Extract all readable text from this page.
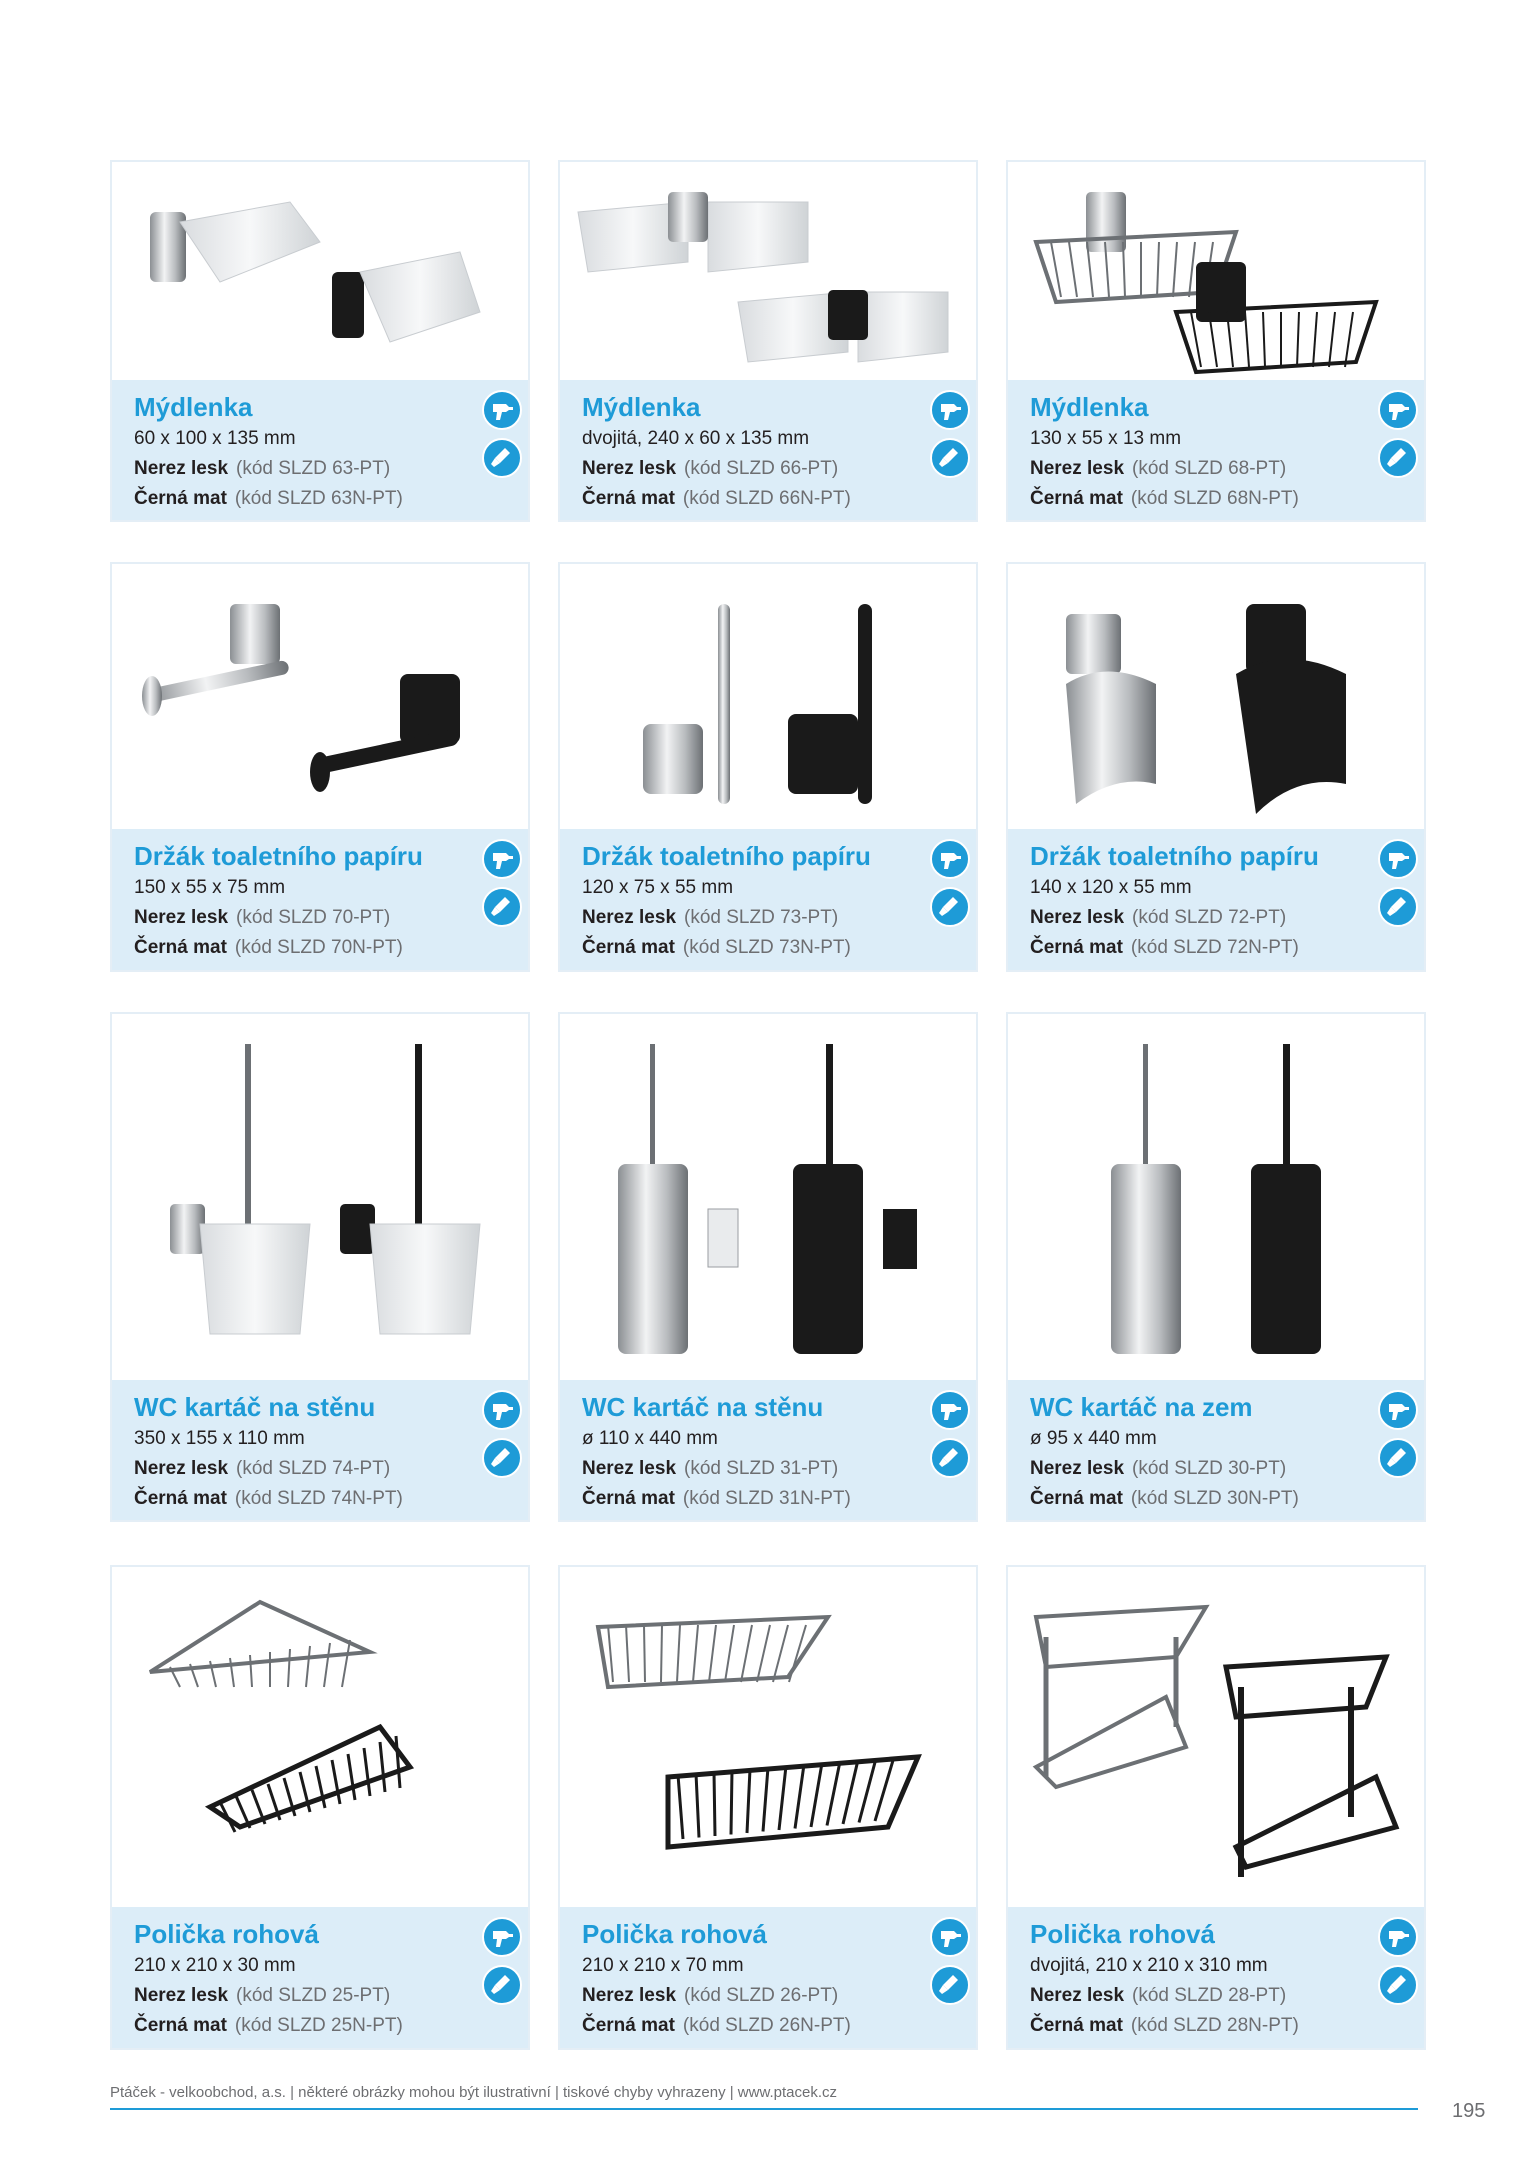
Mýdlenka
60 x 100 x 135 mm
Nerez lesk (kód SLZD 63-PT)
Černá mat (kód SLZD 63N-PT)
Mýdlenka
dvojitá, 240 x 60 x 135 mm
Nerez lesk (kód SLZD 66-PT)
Černá mat (kód SLZD 66N-PT)
Mýdlenka
130 x 55 x 13 mm
Nerez lesk (kód SLZD 68-PT)
Černá mat (kód SLZD 68N-PT)
Držák toaletního papíru
150 x 55 x 75 mm
Nerez lesk (kód SLZD 70-PT)
Černá mat (kód SLZD 70N-PT)
Držák toaletního papíru
120 x 75 x 55 mm
Nerez lesk (kód SLZD 73-PT)
Černá mat (kód SLZD 73N-PT)
Držák toaletního papíru
140 x 120 x 55 mm
Nerez lesk (kód SLZD 72-PT)
Černá mat (kód SLZD 72N-PT)
WC kartáč na stěnu
350 x 155 x 110 mm
Nerez lesk (kód SLZD 74-PT)
Černá mat (kód SLZD 74N-PT)
WC kartáč na stěnu
ø 110 x 440 mm
Nerez lesk (kód SLZD 31-PT)
Černá mat (kód SLZD 31N-PT)
WC kartáč na zem
ø 95 x 440 mm
Nerez lesk (kód SLZD 30-PT)
Černá mat (kód SLZD 30N-PT)
Polička rohová
210 x 210 x 30 mm
Nerez lesk (kód SLZD 25-PT)
Černá mat (kód SLZD 25N-PT)
Polička rohová
210 x 210 x 70 mm
Nerez lesk (kód SLZD 26-PT)
Černá mat (kód SLZD 26N-PT)
Polička rohová
dvojitá, 210 x 210 x 310 mm
Nerez lesk (kód SLZD 28-PT)
Černá mat (kód SLZD 28N-PT)
Ptáček - velkoobchod, a.s. | některé obrázky mohou být ilustrativní | tiskové chyby vyhrazeny | www.ptacek.cz
195
